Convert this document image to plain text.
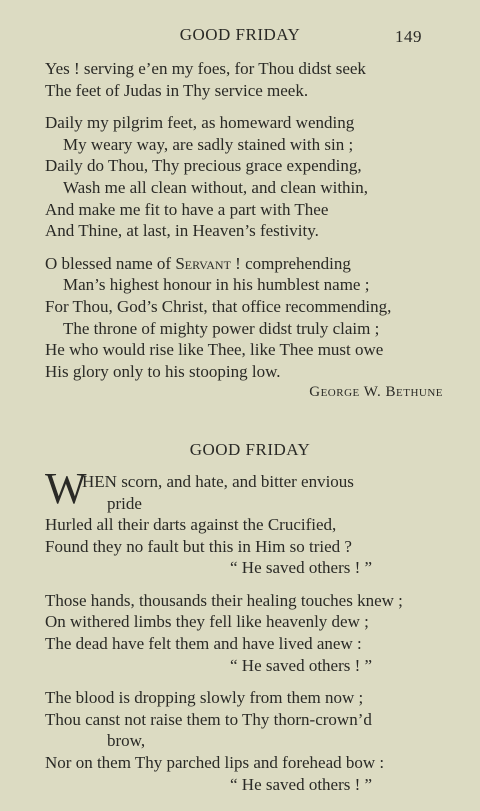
GOOD FRIDAY	149
Yes ! serving e’en my foes, for Thou didst seek
The feet of Judas in Thy service meek.
Daily my pilgrim feet, as homeward wending
My weary way, are sadly stained with sin ;
Daily do Thou, Thy precious grace expending,
Wash me all clean without, and clean within,
And make me fit to have a part with Thee
And Thine, at last, in Heaven’s festivity.
O blessed name of Servant ! comprehending
Man’s highest honour in his humblest name ;
For Thou, God’s Christ, that office recommending,
The throne of mighty power didst truly claim ;
He who would rise like Thee, like Thee must owe
His glory only to his stooping low.
George W. Bethune
GOOD FRIDAY
W
HEN scorn, and hate, and bitter envious
pride
Hurled all their darts against the Crucified,
Found they no fault but this in Him so tried ?
“ He saved others ! ”
Those hands, thousands their healing touches knew ;
On withered limbs they fell like heavenly dew ;
The dead have felt them and have lived anew :
“ He saved others ! ”
The blood is dropping slowly from them now ;
Thou canst not raise them to Thy thorn-crown’d
brow,
Nor on them Thy parched lips and forehead bow :
“ He saved others ! ”
